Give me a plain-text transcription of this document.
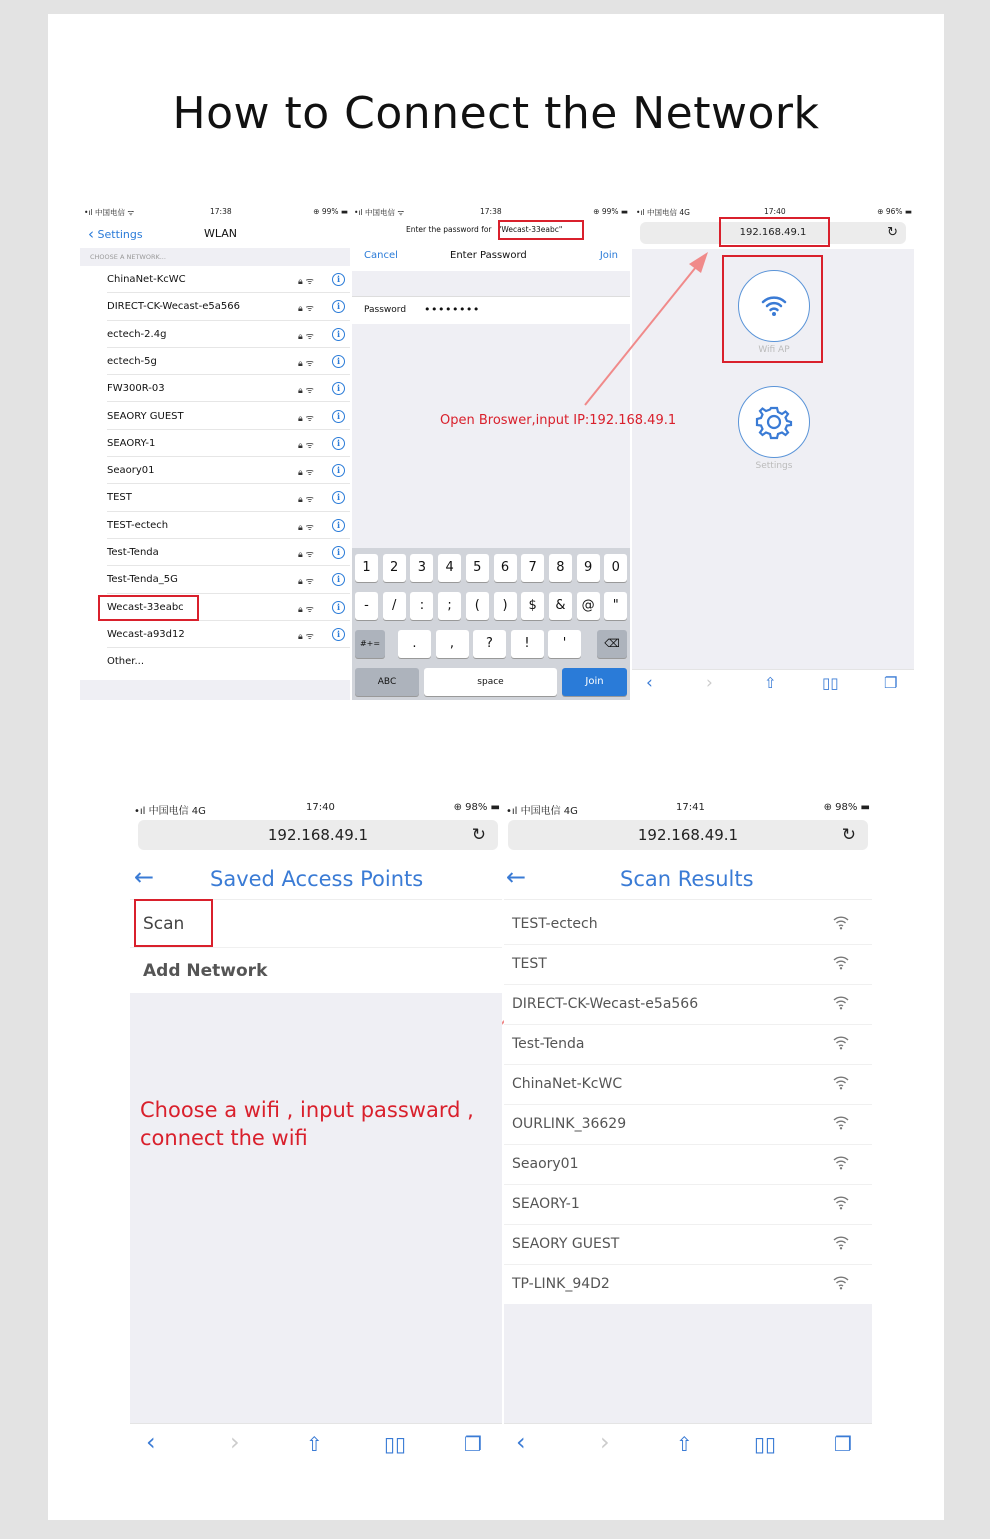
How to Connect the Network
•ıl 中国电信 ᯤ	17:38	⊕ 99% ▬
‹ Settings	WLAN
CHOOSE A NETWORK...
ChinaNet-KcWC	🔒︎ ᯤ	i
DIRECT-CK-Wecast-e5a566	🔒︎ ᯤ	i
ectech-2.4g	🔒︎ ᯤ	i
ectech-5g	🔒︎ ᯤ	i
FW300R-03	🔒︎ ᯤ	i
SEAORY GUEST	🔒︎ ᯤ	i
SEAORY-1	🔒︎ ᯤ	i
Seaory01	🔒︎ ᯤ	i
TEST	🔒︎ ᯤ	i
TEST-ectech	🔒︎ ᯤ	i
Test-Tenda	🔒︎ ᯤ	i
Test-Tenda_5G	🔒︎ ᯤ	i
Wecast-33eabc	🔒︎ ᯤ	i
Wecast-a93d12	🔒︎ ᯤ	i
Other...
•ıl 中国电信 ᯤ	17:38	⊕ 99% ▬
Enter the password for "Wecast-33eabc"
Cancel	Enter Password	Join
Password ••••••••
1	2	3	4	5	6	7	8	9	0
-	/	:	;	(	)	$	&	@	"
#+=	.	,	?	!	'	⌫
ABC	space	Join
•ıl 中国电信 4G	17:40	⊕ 96% ▬
192.168.49.1	↻
Wifi AP
Settings
‹	›	⇧	▯▯	❐
Open Broswer,input IP:192.168.49.1
•ıl 中国电信 4G	17:40	⊕ 98% ▬
192.168.49.1	↻
←	Saved Access Points
Scan
Add Network
‹	›	⇧	▯▯	❐
Choose a wifi , input passward ,
connect the wifi
•ıl 中国电信 4G	17:41	⊕ 98% ▬
192.168.49.1	↻
←	Scan Results
TEST-ectech
TEST
DIRECT-CK-Wecast-e5a566
Test-Tenda
ChinaNet-KcWC
OURLINK_36629
Seaory01
SEAORY-1
SEAORY GUEST
TP-LINK_94D2
‹	›	⇧	▯▯	❐
